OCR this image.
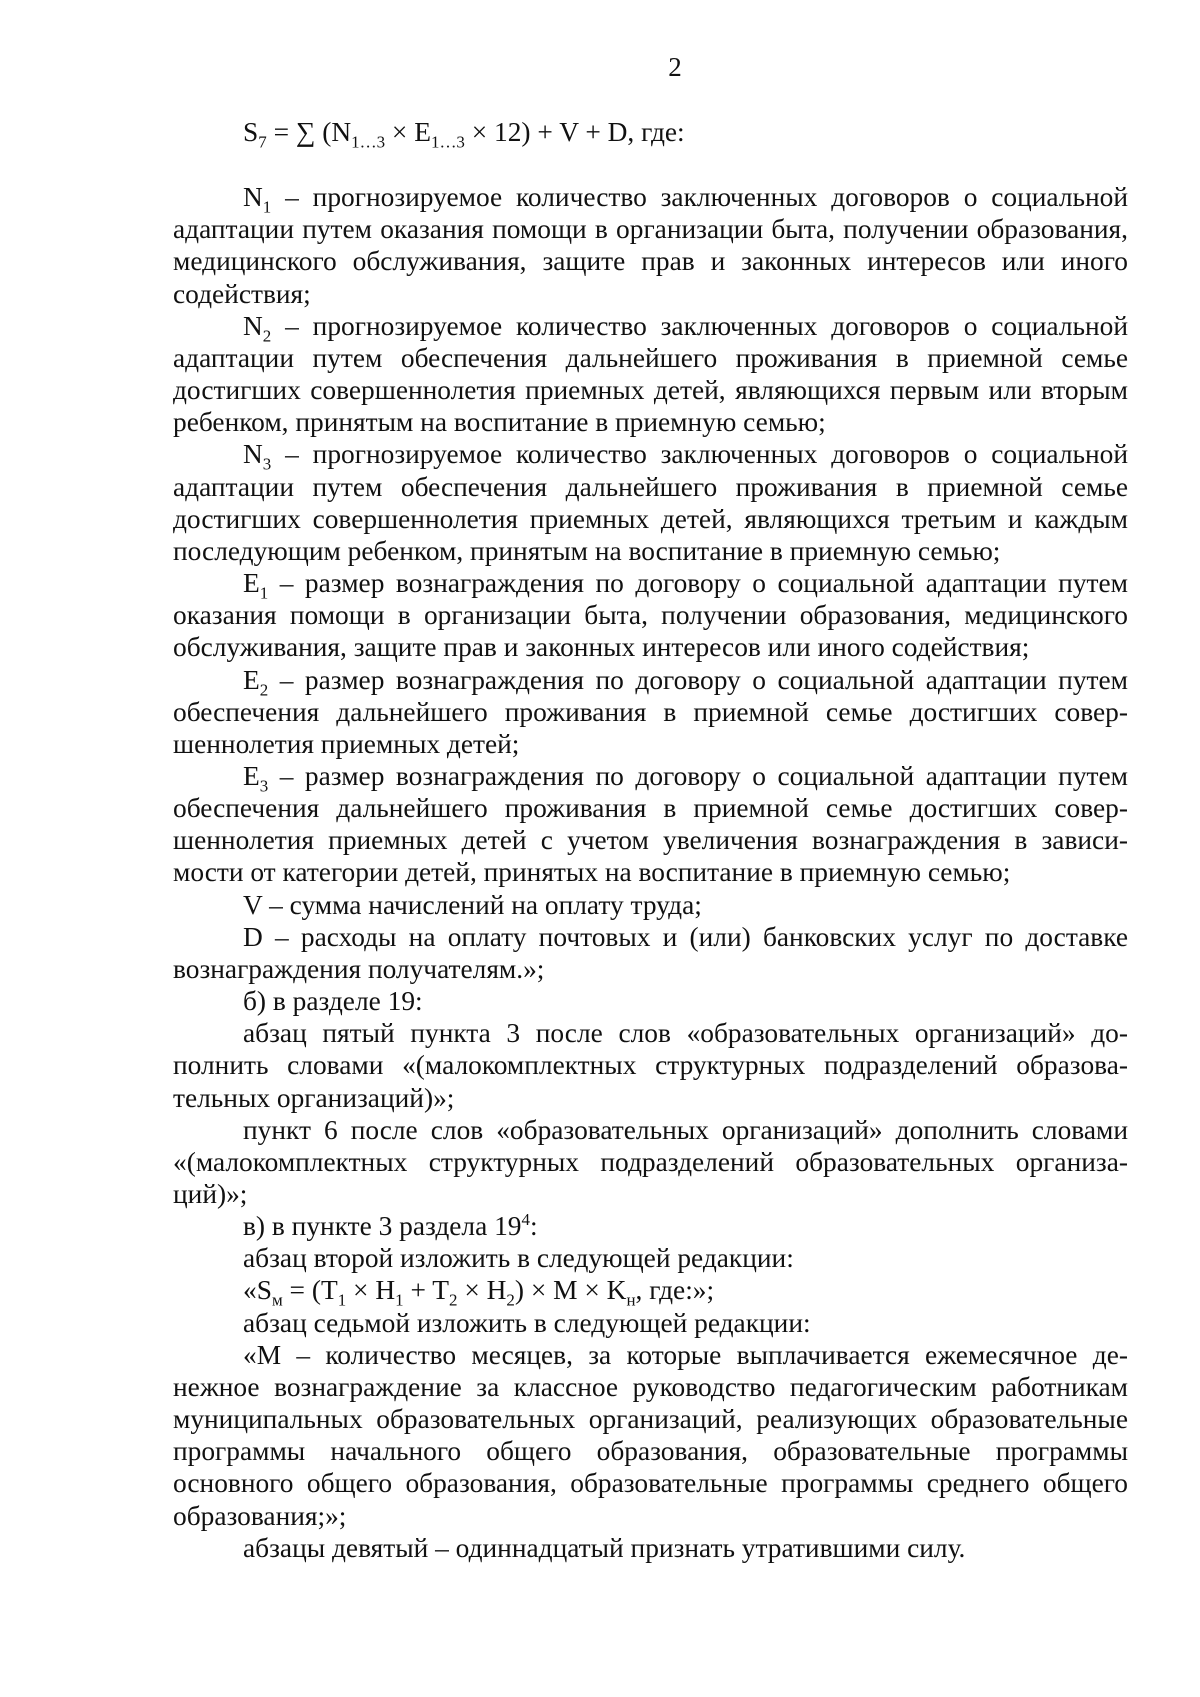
2

$S_7$ = ∑ $(N_{1\dots 3} \times E_{1\dots 3} \times 12) + V + D$, где:

$N_1$ – прогнозируемое количество заключенных договоров о социальной адаптации путем оказания помощи в организации быта, получении образования, медицинского обслуживания, защите прав и законных интересов или иного содействия;

$N_2$ – прогнозируемое количество заключенных договоров о социальной адаптации путем обеспечения дальнейшего проживания в приемной семье достигших совершеннолетия приемных детей, являющихся первым или вторым ребенком, принятым на воспитание в приемную семью;

$N_3$ – прогнозируемое количество заключенных договоров о социальной адаптации путем обеспечения дальнейшего проживания в приемной семье достигших совершеннолетия приемных детей, являющихся третьим и каждым последующим ребенком, принятым на воспитание в приемную семью;

$E_1$ – размер вознаграждения по договору о социальной адаптации путем оказания помощи в организации быта, получении образования, медицинского обслуживания, защите прав и законных интересов или иного содействия;

$E_2$ – размер вознаграждения по договору о социальной адаптации путем обеспечения дальнейшего проживания в приемной семье достигших совершеннолетия приемных детей;

$E_3$ – размер вознаграждения по договору о социальной адаптации путем обеспечения дальнейшего проживания в приемной семье достигших совершеннолетия приемных детей с учетом увеличения вознаграждения в зависимости от категории детей, принятых на воспитание в приемную семью;

V – сумма начислений на оплату труда;

D – расходы на оплату почтовых и (или) банковских услуг по доставке вознаграждения получателям.»;

б) в разделе 19:

абзац пятый пункта 3 после слов «образовательных организаций» дополнить словами «(малокомплектных структурных подразделений образовательных организаций)»;

пункт 6 после слов «образовательных организаций» дополнить словами «(малокомплектных структурных подразделений образовательных организаций)»;

в) в пункте 3 раздела $19^4$:

абзац второй изложить в следующей редакции:

«$S_м = (T_1 \times H_1 + T_2 \times H_2) \times M \times K_н$, где:»;

абзац седьмой изложить в следующей редакции:

«M – количество месяцев, за которые выплачивается ежемесячное денежное вознаграждение за классное руководство педагогическим работникам муниципальных образовательных организаций, реализующих образовательные программы начального общего образования, образовательные программы основного общего образования, образовательные программы среднего общего образования;»;

абзацы девятый – одиннадцатый признать утратившими силу.
